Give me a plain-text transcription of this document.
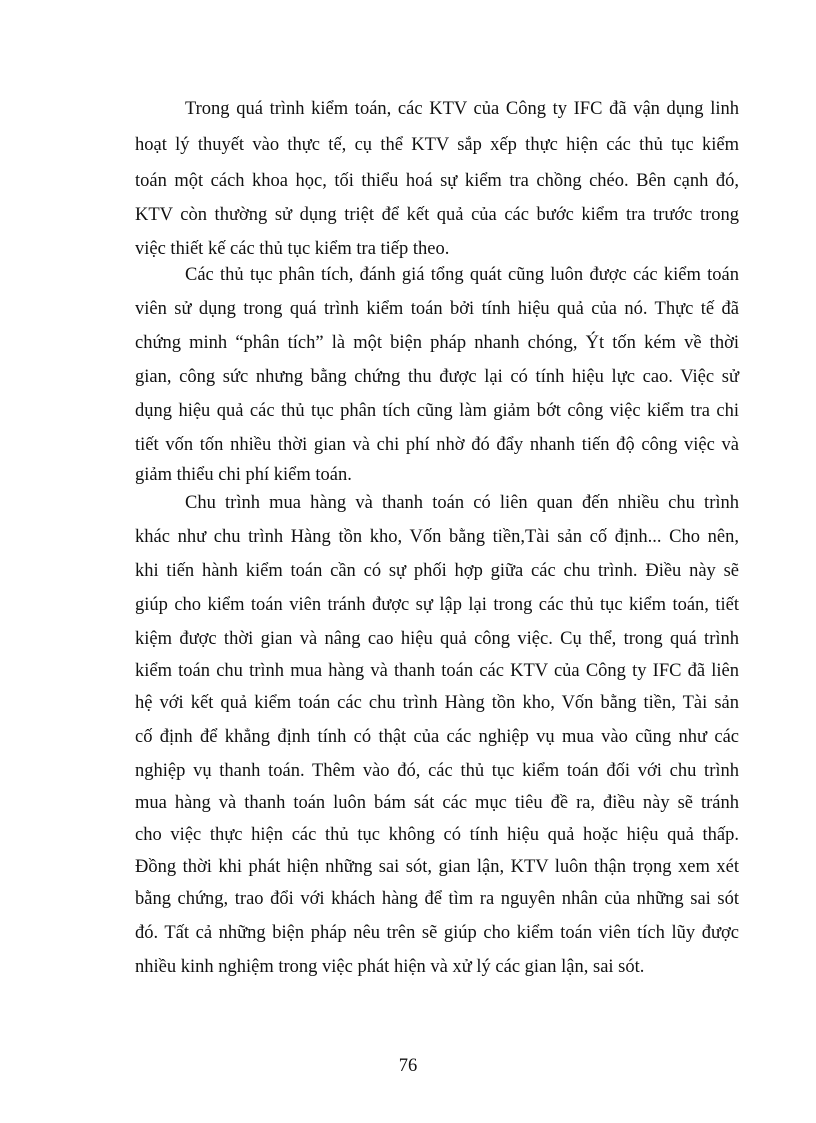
Trong quá trình kiểm toán, các KTV của Công ty IFC đã vận dụng linh
hoạt lý thuyết vào thực tế, cụ thể KTV sắp xếp thực hiện các thủ tục kiểm
toán một cách khoa học, tối thiểu hoá sự kiểm tra chồng chéo. Bên cạnh đó,
KTV còn thường sử dụng triệt để kết quả của các bước kiểm tra trước trong
việc thiết kế các thủ tục kiểm tra tiếp theo.
Các thủ tục phân tích, đánh giá tổng quát cũng luôn được các kiểm toán
viên sử dụng trong quá trình kiểm toán bởi tính hiệu quả của nó. Thực tế đã
chứng minh “phân tích” là một biện pháp nhanh chóng, Ýt tốn kém về thời
gian, công sức nhưng bằng chứng thu được lại có tính hiệu lực cao. Việc sử
dụng hiệu quả các thủ tục phân tích cũng làm giảm bớt công việc kiểm tra chi
tiết vốn tốn nhiều thời gian và chi phí nhờ đó đẩy nhanh tiến độ công việc và
giảm thiểu chi phí kiểm toán.
Chu trình mua hàng và thanh toán có liên quan đến nhiều chu trình
khác như chu trình Hàng tồn kho, Vốn bằng tiền,Tài sản cố định... Cho nên,
khi tiến hành kiểm toán cần có sự phối hợp giữa các chu trình. Điều này sẽ
giúp cho kiểm toán viên tránh được sự lập lại trong các thủ tục kiểm toán, tiết
kiệm được thời gian và nâng cao hiệu quả công việc. Cụ thể, trong quá trình
kiểm toán chu trình mua hàng và thanh toán các KTV của Công ty IFC đã liên
hệ với kết quả kiểm toán các chu trình Hàng tồn kho, Vốn bằng tiền, Tài sản
cố định để khẳng định tính có thật của các nghiệp vụ mua vào cũng như các
nghiệp vụ thanh toán. Thêm vào đó, các thủ tục kiểm toán đối với chu trình
mua hàng và thanh toán luôn bám sát các mục tiêu đề ra, điều này sẽ tránh
cho việc thực hiện các thủ tục không có tính hiệu quả hoặc hiệu quả thấp.
Đồng thời khi phát hiện những sai sót, gian lận, KTV luôn thận trọng xem xét
bằng chứng, trao đổi với khách hàng để tìm ra nguyên nhân của những sai sót
đó. Tất cả những biện pháp nêu trên sẽ giúp cho kiểm toán viên tích lũy được
nhiều kinh nghiệm trong việc phát hiện và xử lý các gian lận, sai sót.
76
